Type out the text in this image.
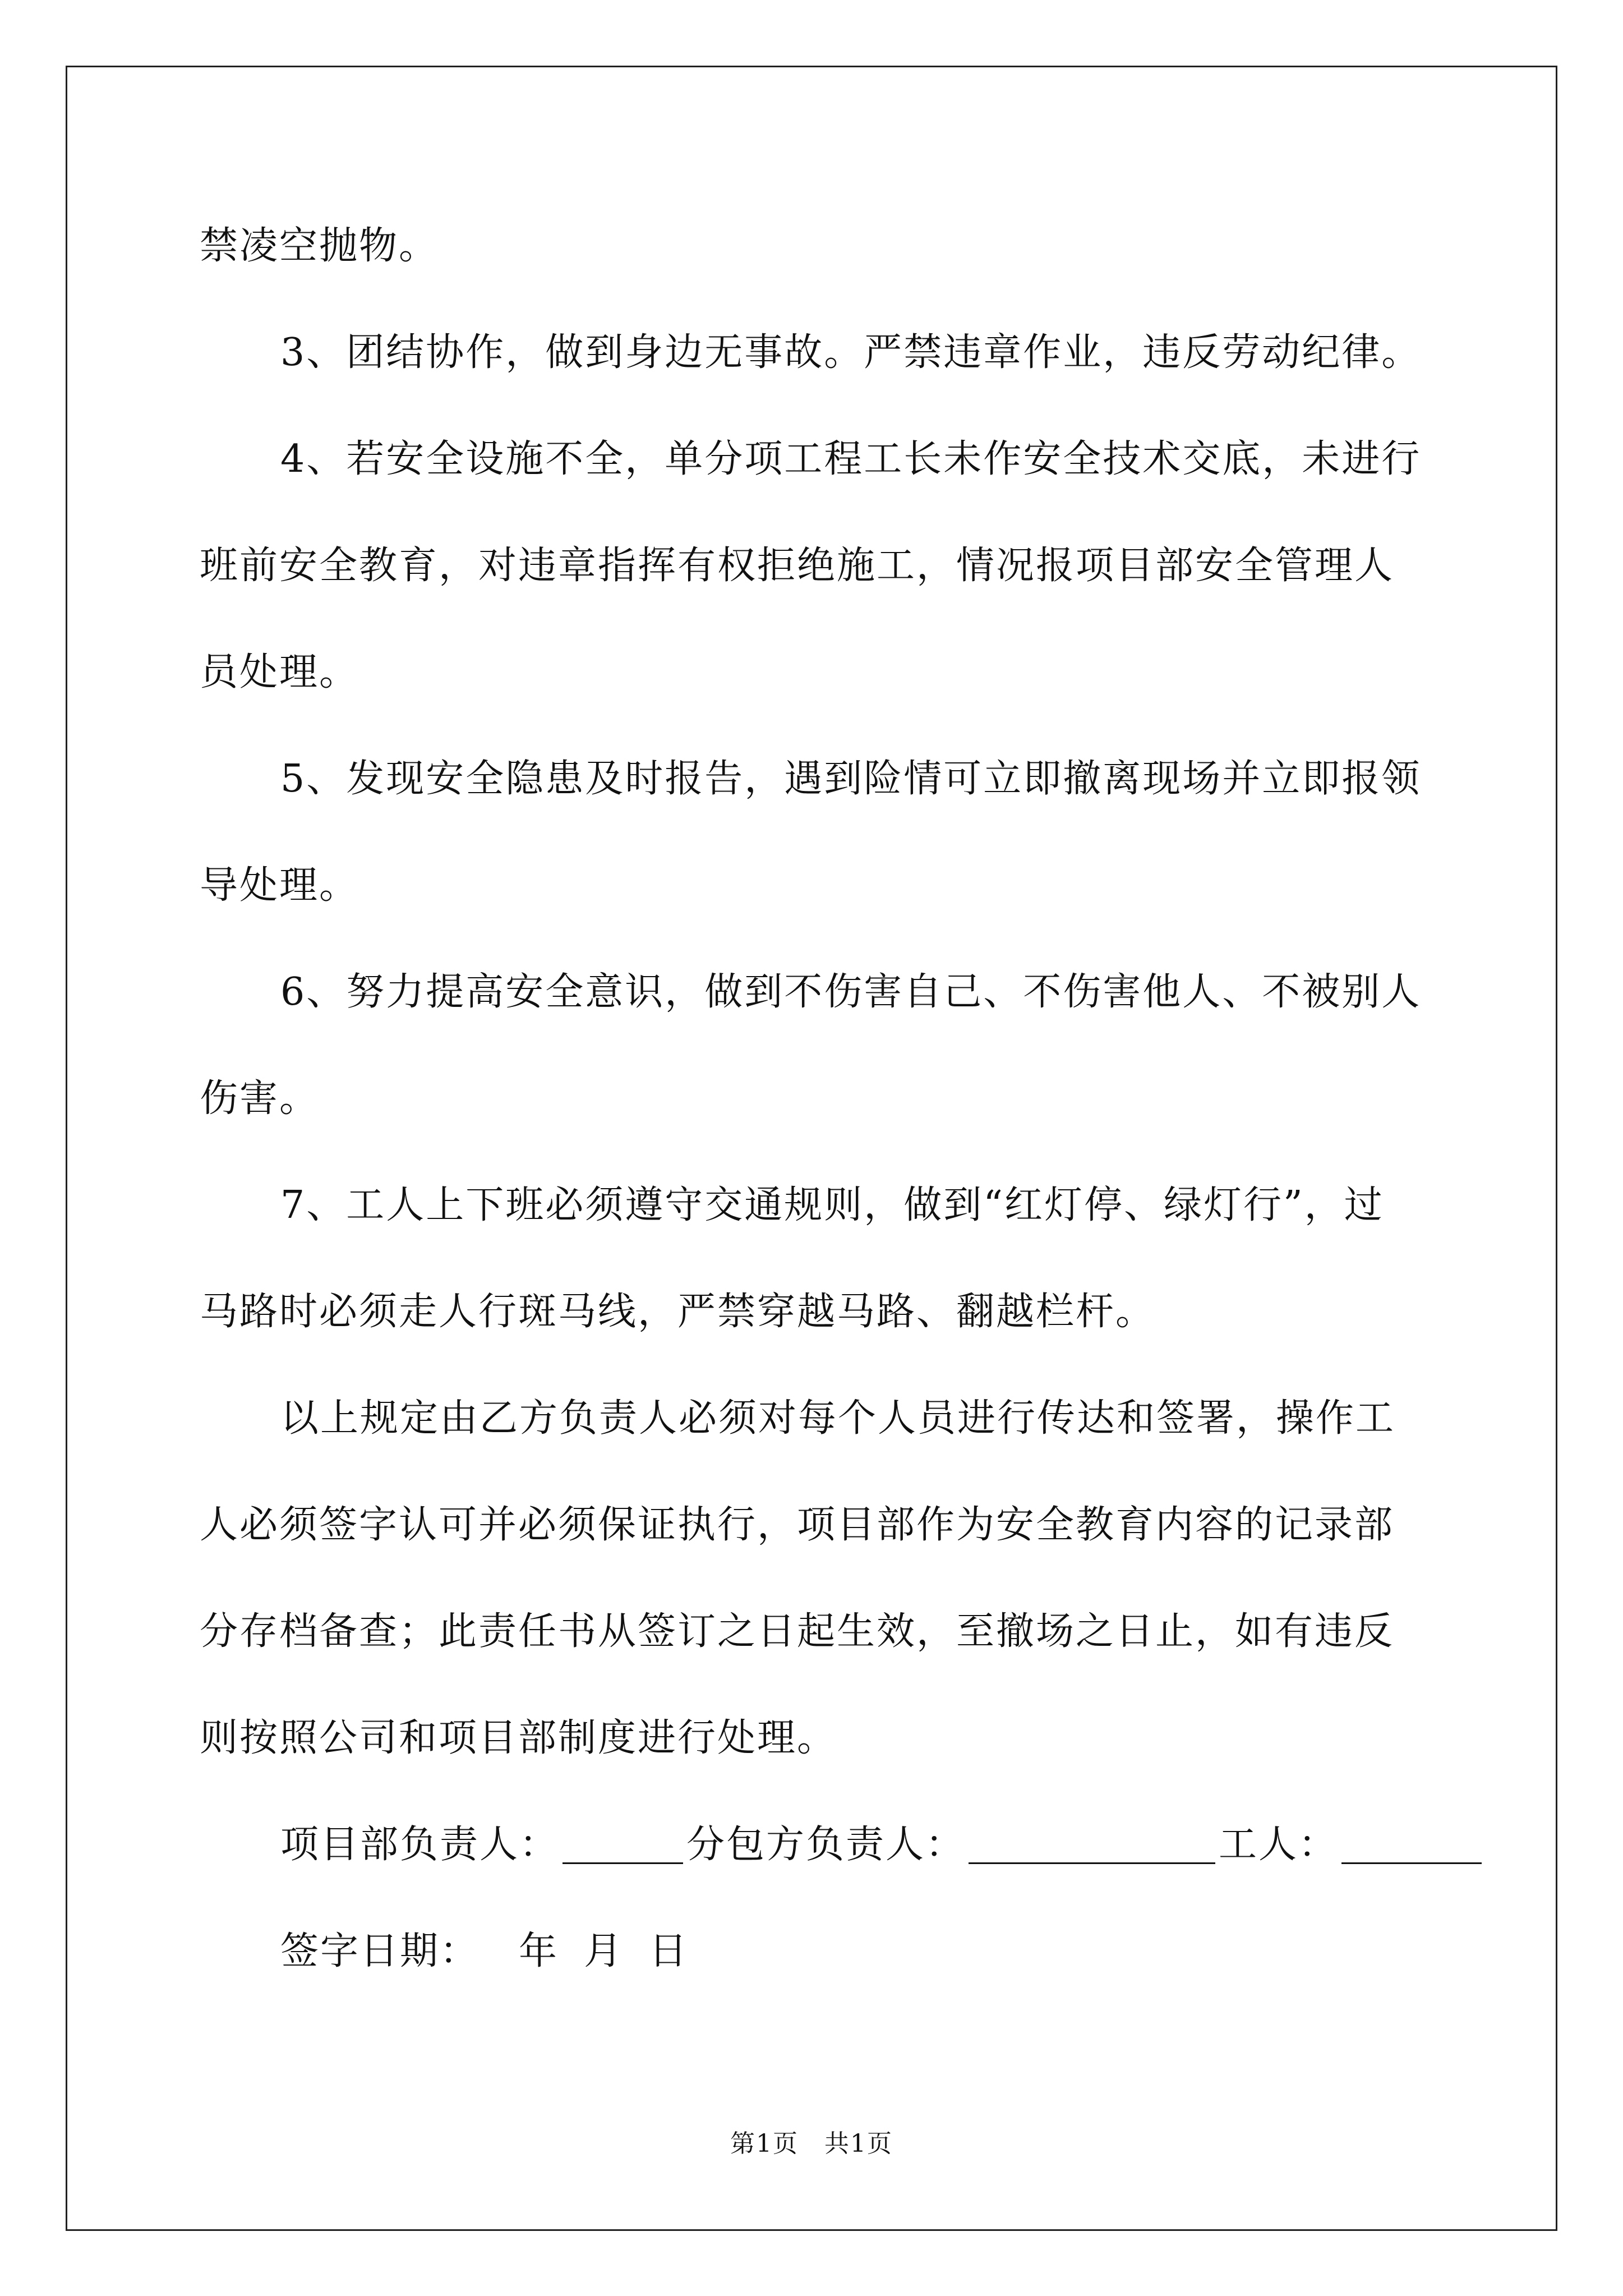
禁凌空抛物。
3、团结协作，做到身边无事故。严禁违章作业，违反劳动纪律。
4、若安全设施不全，单分项工程工长未作安全技术交底，未进行
班前安全教育，对违章指挥有权拒绝施工，情况报项目部安全管理人
员处理。
5、发现安全隐患及时报告，遇到险情可立即撤离现场并立即报领
导处理。
6、努力提高安全意识，做到不伤害自己、不伤害他人、不被别人
伤害。
7、工人上下班必须遵守交通规则，做到“红灯停、绿灯行”，过
马路时必须走人行斑马线，严禁穿越马路、翻越栏杆。
以上规定由乙方负责人必须对每个人员进行传达和签署，操作工
人必须签字认可并必须保证执行，项目部作为安全教育内容的记录部
分存档备查；此责任书从签订之日起生效，至撤场之日止，如有违反
则按照公司和项目部制度进行处理。
项目部负责人：	分包方负责人：	工人：
签字日期： 年 月 日
第1页　共1页
